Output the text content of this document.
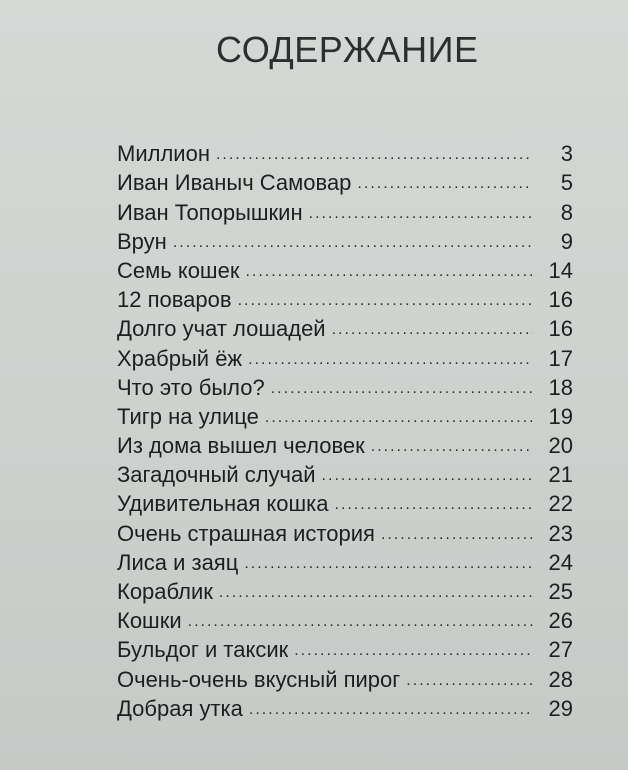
СОДЕРЖАНИЕ
Миллион .....	3
Иван Иваныч Самовар .....	5
Иван Топорышкин .....	8
Врун .....	9
Семь кошек .....	14
12 поваров .....	16
Долго учат лошадей .....	16
Храбрый ёж .....	17
Что это было? .....	18
Тигр на улице .....	19
Из дома вышел человек .....	20
Загадочный случай .....	21
Удивительная кошка .....	22
Очень страшная история .....	23
Лиса и заяц .....	24
Кораблик .....	25
Кошки .....	26
Бульдог и таксик .....	27
Очень-очень вкусный пирог .....	28
Добрая утка .....	29
